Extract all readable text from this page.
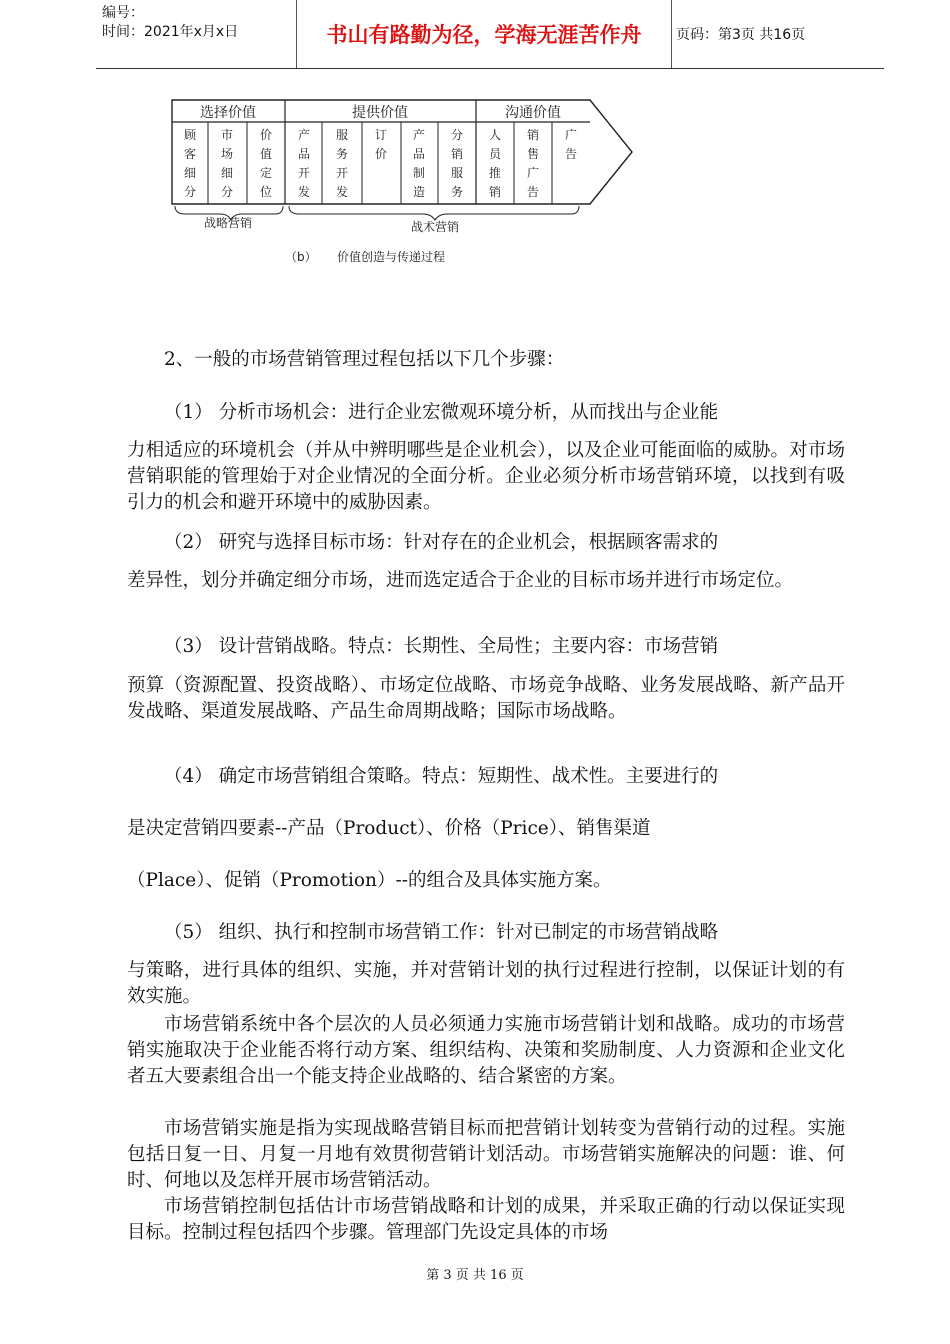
编号：
时间：2021年x月x日	书山有路勤为径，学海无涯苦作舟	页码：第3页 共16页
选择价值	提供价值	沟通价值
顾客细分
市场细分
价值定位
产品开发
服务开发
订价
产品制造
分销服务
人员推销
销售广告
广告
战略营销	战术营销
（b） 价值创造与传递过程
2、一般的市场营销管理过程包括以下几个步骤：
（1） 分析市场机会：进行企业宏微观环境分析，从而找出与企业能
力相适应的环境机会（并从中辨明哪些是企业机会），以及企业可能面临的威胁。对市场营销职能的管理始于对企业情况的全面分析。企业必须分析市场营销环境，以找到有吸引力的机会和避开环境中的威胁因素。
（2） 研究与选择目标市场：针对存在的企业机会，根据顾客需求的
差异性，划分并确定细分市场，进而选定适合于企业的目标市场并进行市场定位。
（3） 设计营销战略。特点：长期性、全局性；主要内容：市场营销
预算（资源配置、投资战略）、市场定位战略、市场竞争战略、业务发展战略、新产品开发战略、渠道发展战略、产品生命周期战略；国际市场战略。
（4） 确定市场营销组合策略。特点：短期性、战术性。主要进行的
是决定营销四要素--产品（Product）、价格（Price）、销售渠道
（Place）、促销（Promotion）--的组合及具体实施方案。
（5） 组织、执行和控制市场营销工作：针对已制定的市场营销战略
与策略，进行具体的组织、实施，并对营销计划的执行过程进行控制，以保证计划的有效实施。
市场营销系统中各个层次的人员必须通力实施市场营销计划和战略。成功的市场营销实施取决于企业能否将行动方案、组织结构、决策和奖励制度、人力资源和企业文化者五大要素组合出一个能支持企业战略的、结合紧密的方案。
市场营销实施是指为实现战略营销目标而把营销计划转变为营销行动的过程。实施包括日复一日、月复一月地有效贯彻营销计划活动。市场营销实施解决的问题：谁、何时、何地以及怎样开展市场营销活动。
市场营销控制包括估计市场营销战略和计划的成果，并采取正确的行动以保证实现目标。控制过程包括四个步骤。管理部门先设定具体的市场
第 3 页 共 16 页
